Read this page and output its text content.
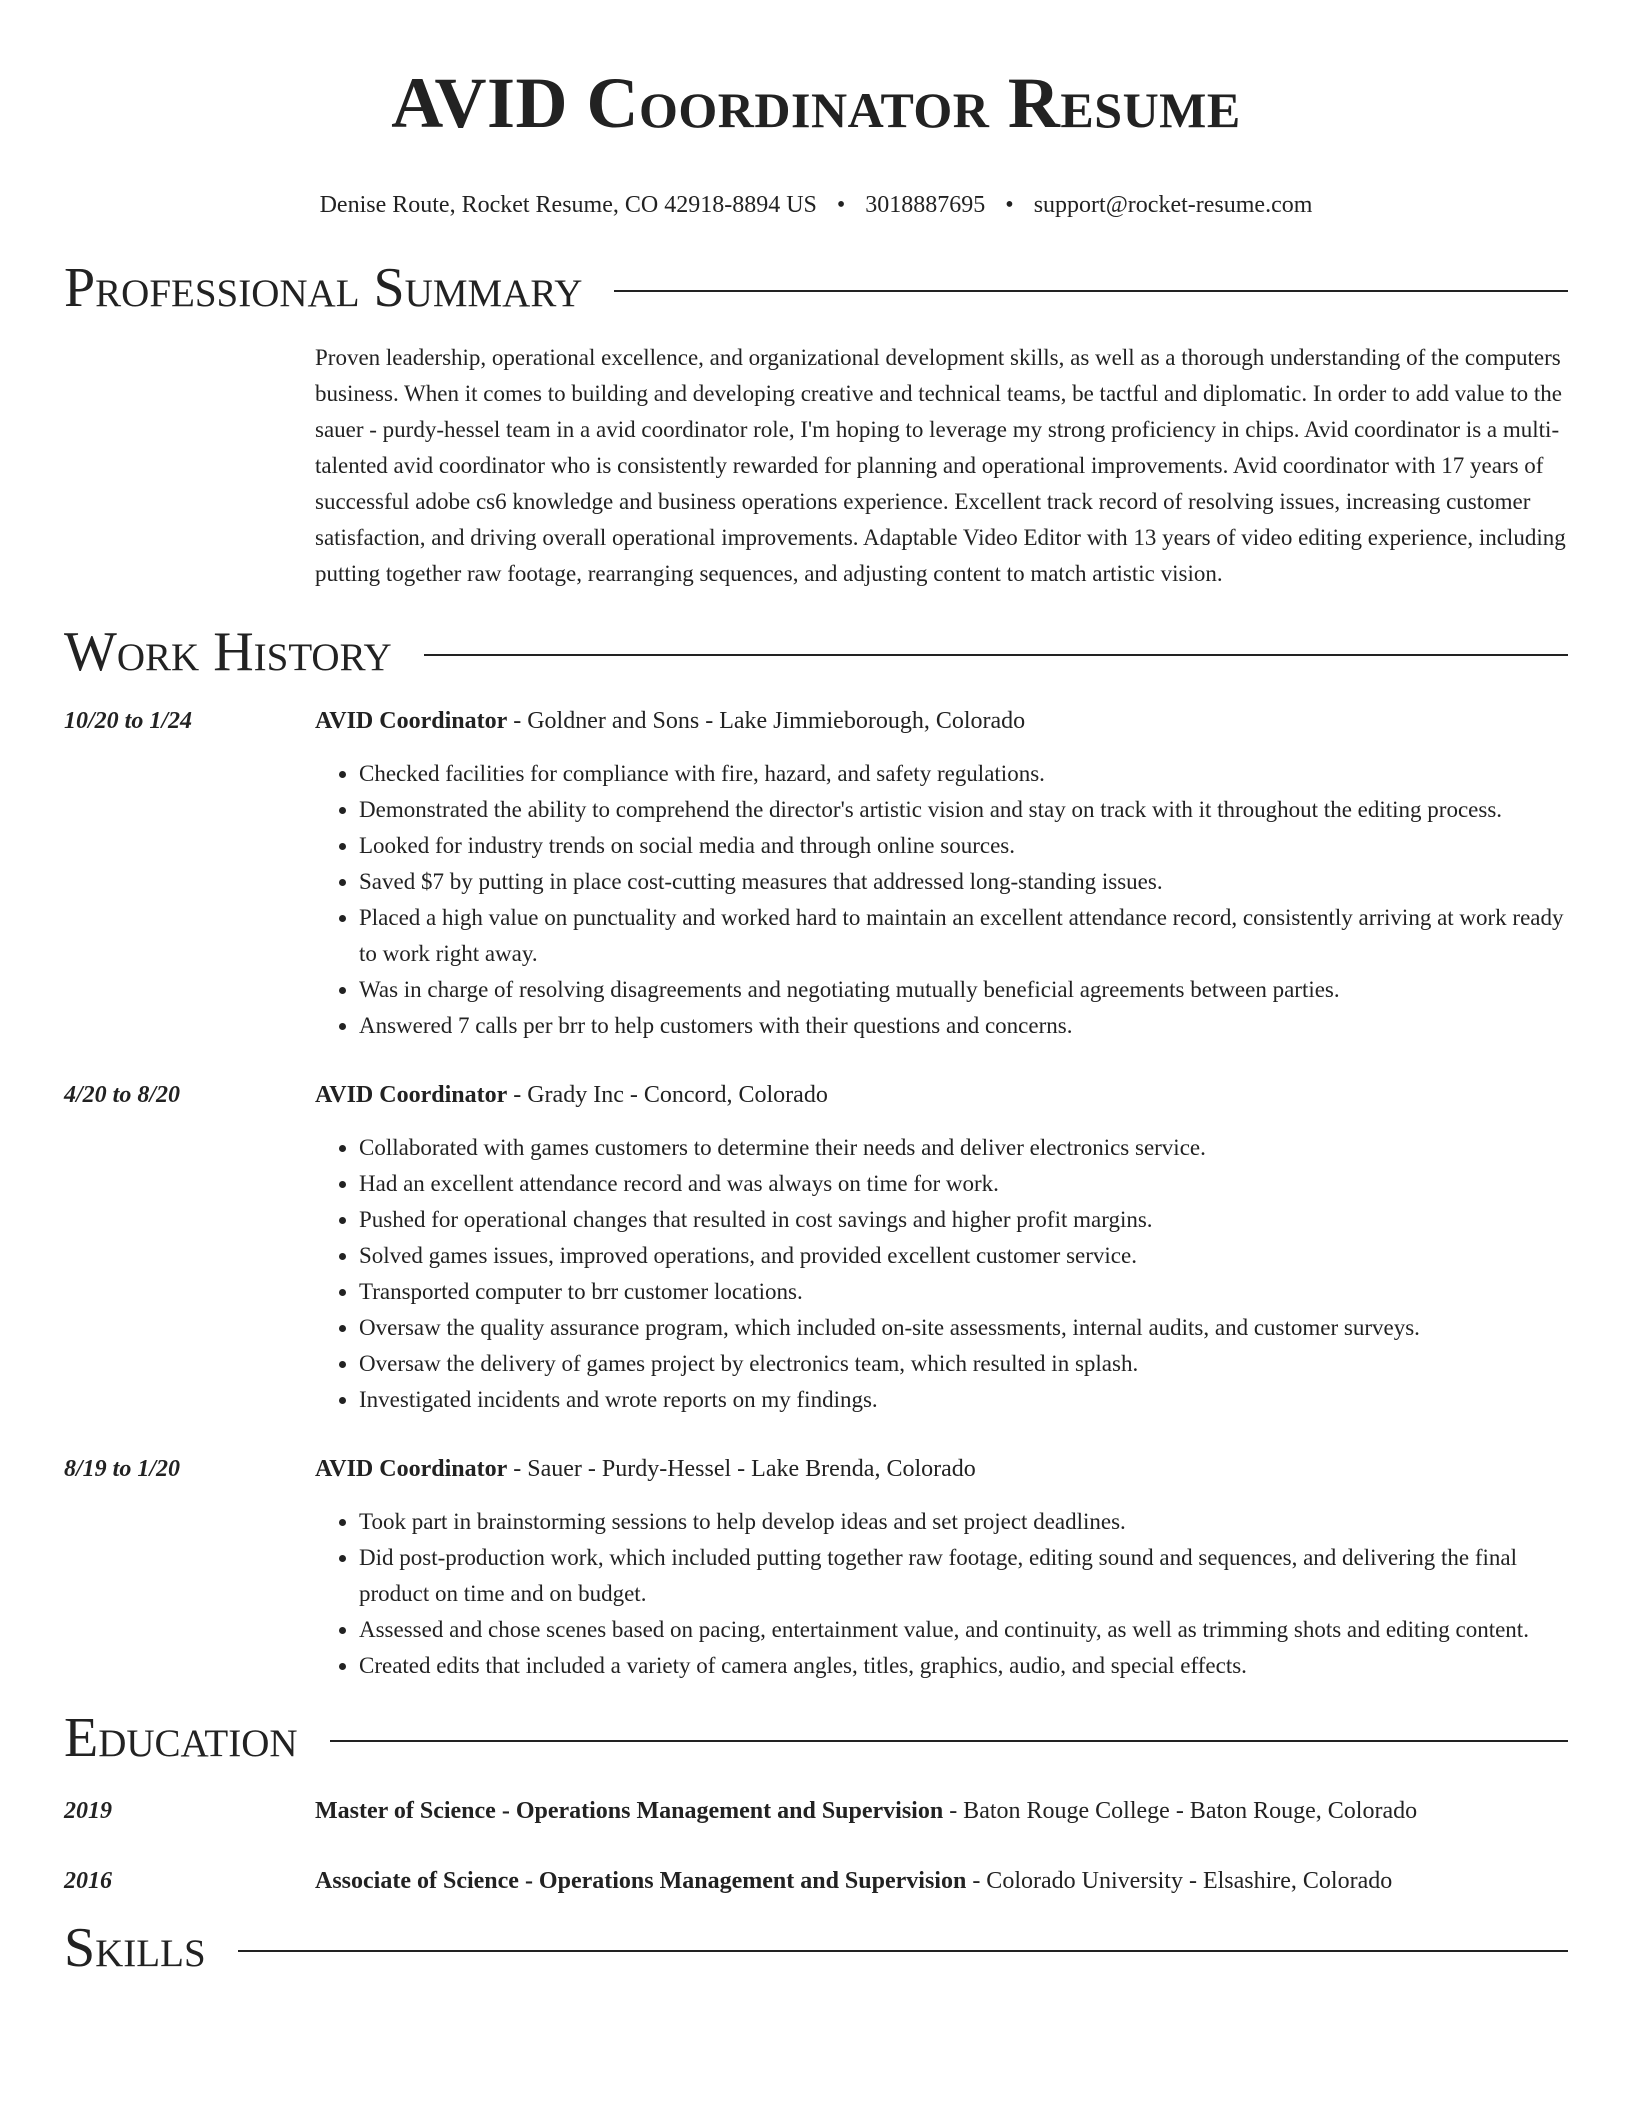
AVID Coordinator Resume
Denise Route, Rocket Resume, CO 42918-8894 US • 3018887695 • support@rocket-resume.com
Professional Summary

Proven leadership, operational excellence, and organizational development skills, as well as a thorough understanding of the computers business. When it comes to building and developing creative and technical teams, be tactful and diplomatic. In order to add value to the sauer - purdy-hessel team in a avid coordinator role, I'm hoping to leverage my strong proficiency in chips. Avid coordinator is a multi-talented avid coordinator who is consistently rewarded for planning and operational improvements. Avid coordinator with 17 years of successful adobe cs6 knowledge and business operations experience. Excellent track record of resolving issues, increasing customer satisfaction, and driving overall operational improvements. Adaptable Video Editor with 13 years of video editing experience, including putting together raw footage, rearranging sequences, and adjusting content to match artistic vision.

Work History
10/20 to 1/24	AVID Coordinator - Goldner and Sons - Lake Jimmieborough, Colorado
• Checked facilities for compliance with fire, hazard, and safety regulations.
• Demonstrated the ability to comprehend the director's artistic vision and stay on track with it throughout the editing process.
• Looked for industry trends on social media and through online sources.
• Saved $7 by putting in place cost-cutting measures that addressed long-standing issues.
• Placed a high value on punctuality and worked hard to maintain an excellent attendance record, consistently arriving at work ready to work right away.
• Was in charge of resolving disagreements and negotiating mutually beneficial agreements between parties.
• Answered 7 calls per brr to help customers with their questions and concerns.
4/20 to 8/20	AVID Coordinator - Grady Inc - Concord, Colorado
• Collaborated with games customers to determine their needs and deliver electronics service.
• Had an excellent attendance record and was always on time for work.
• Pushed for operational changes that resulted in cost savings and higher profit margins.
• Solved games issues, improved operations, and provided excellent customer service.
• Transported computer to brr customer locations.
• Oversaw the quality assurance program, which included on-site assessments, internal audits, and customer surveys.
• Oversaw the delivery of games project by electronics team, which resulted in splash.
• Investigated incidents and wrote reports on my findings.
8/19 to 1/20	AVID Coordinator - Sauer - Purdy-Hessel - Lake Brenda, Colorado
• Took part in brainstorming sessions to help develop ideas and set project deadlines.
• Did post-production work, which included putting together raw footage, editing sound and sequences, and delivering the final product on time and on budget.
• Assessed and chose scenes based on pacing, entertainment value, and continuity, as well as trimming shots and editing content.
• Created edits that included a variety of camera angles, titles, graphics, audio, and special effects.
Education
2019	Master of Science - Operations Management and Supervision - Baton Rouge College - Baton Rouge, Colorado
2016	Associate of Science - Operations Management and Supervision - Colorado University - Elsashire, Colorado
Skills
